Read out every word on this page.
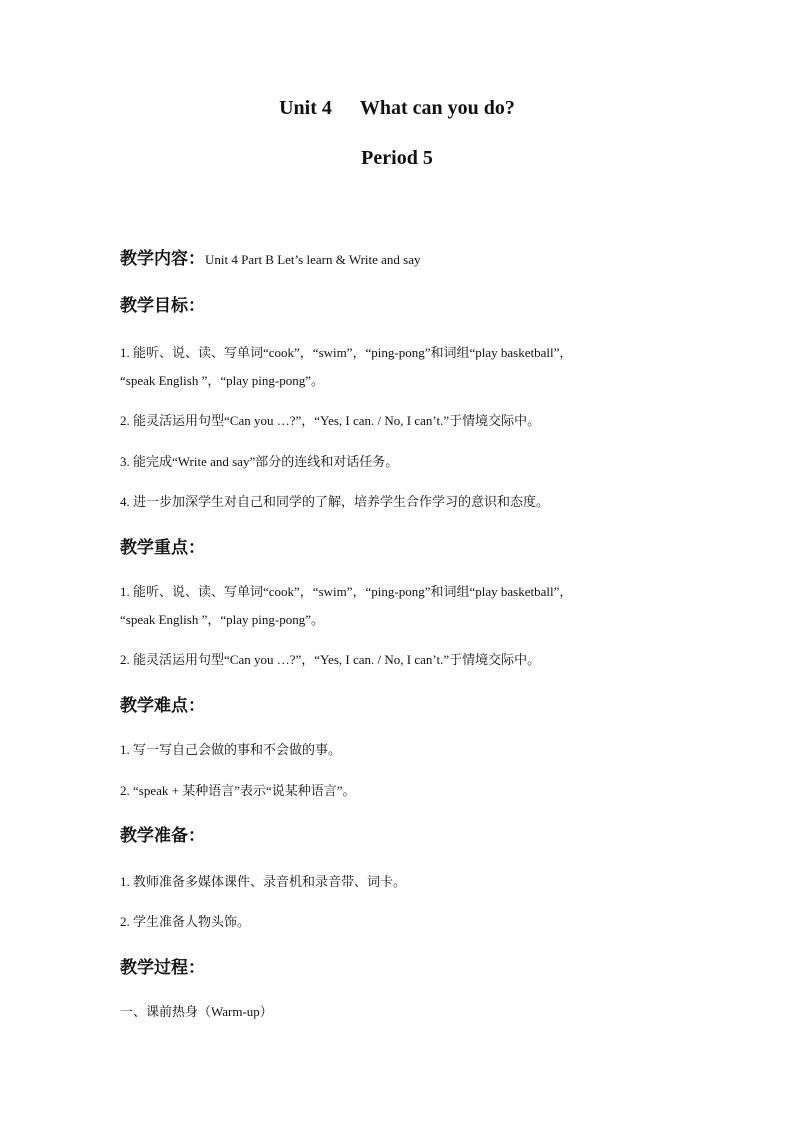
Unit 4 What can you do?
Period 5

教学内容：Unit 4 Part B Let’s learn & Write and say

教学目标：

1. 能听、说、读、写单词“cook”，“swim”，“ping-pong”和词组“play basketball”，

“speak English ”，“play ping-pong”。

2. 能灵活运用句型“Can you …?”，“Yes, I can. / No, I can’t.”于情境交际中。

3. 能完成“Write and say”部分的连线和对话任务。

4. 进一步加深学生对自己和同学的了解，培养学生合作学习的意识和态度。

教学重点：

1. 能听、说、读、写单词“cook”，“swim”，“ping-pong”和词组“play basketball”，

“speak English ”，“play ping-pong”。

2. 能灵活运用句型“Can you …?”，“Yes, I can. / No, I can’t.”于情境交际中。

教学难点：

1. 写一写自己会做的事和不会做的事。

2. “speak + 某种语言”表示“说某种语言”。

教学准备：

1. 教师准备多媒体课件、录音机和录音带、词卡。

2. 学生准备人物头饰。

教学过程：

一、课前热身（Warm-up）
